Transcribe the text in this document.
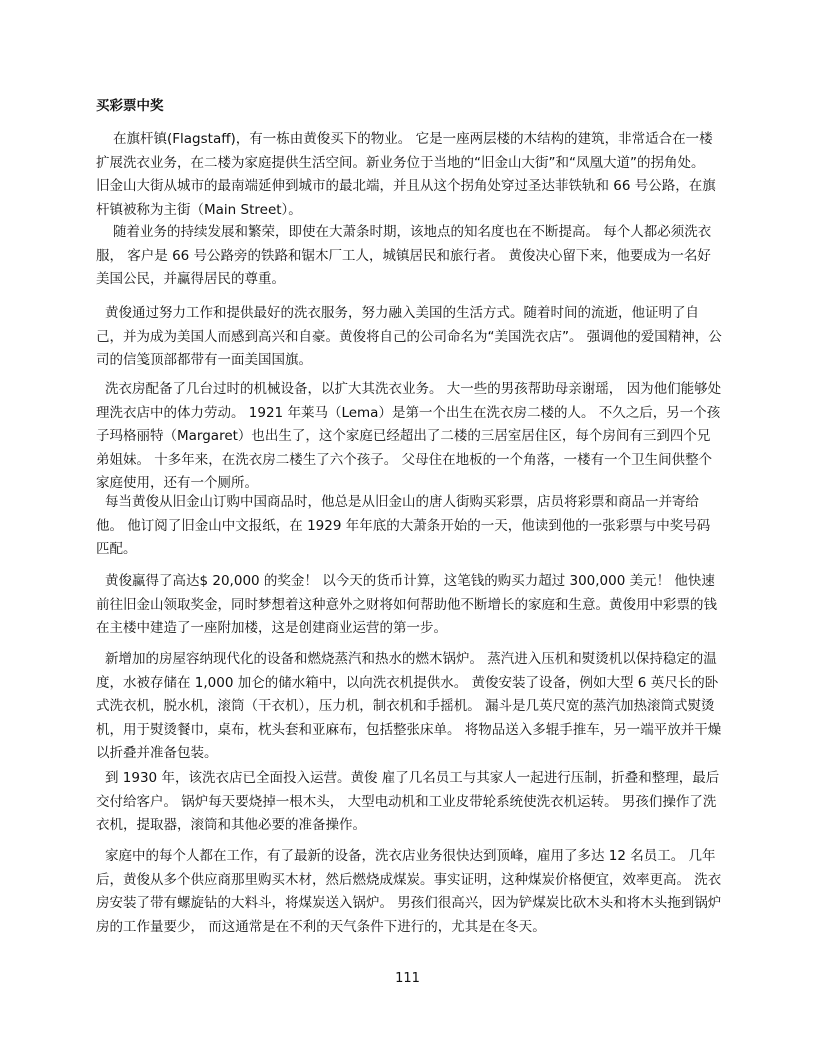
买彩票中奖

在旗杆镇(Flagstaff)，有一栋由黄俊买下的物业。 它是一座两层楼的木结构的建筑，非常适合在一楼扩展洗衣业务，在二楼为家庭提供生活空间。新业务位于当地的“旧金山大街”和“凤凰大道”的拐角处。 旧金山大街从城市的最南端延伸到城市的最北端，并且从这个拐角处穿过圣达菲铁轨和 66 号公路，在旗杆镇被称为主街（Main Street）。

随着业务的持续发展和繁荣，即使在大萧条时期，该地点的知名度也在不断提高。 每个人都必须洗衣服， 客户是 66 号公路旁的铁路和锯木厂工人，城镇居民和旅行者。 黄俊决心留下来，他要成为一名好美国公民，并赢得居民的尊重。

黄俊通过努力工作和提供最好的洗衣服务，努力融入美国的生活方式。随着时间的流逝，他证明了自己，并为成为美国人而感到高兴和自豪。黄俊将自己的公司命名为“美国洗衣店”。 强调他的爱国精神，公司的信笺顶部都带有一面美国国旗。

洗衣房配备了几台过时的机械设备，以扩大其洗衣业务。 大一些的男孩帮助母亲谢瑶， 因为他们能够处理洗衣店中的体力劳动。 1921 年莱马（Lema）是第一个出生在洗衣房二楼的人。 不久之后，另一个孩子玛格丽特（Margaret）也出生了，这个家庭已经超出了二楼的三居室居住区，每个房间有三到四个兄弟姐妹。 十多年来，在洗衣房二楼生了六个孩子。 父母住在地板的一个角落，一楼有一个卫生间供整个家庭使用，还有一个厕所。

每当黄俊从旧金山订购中国商品时，他总是从旧金山的唐人街购买彩票，店员将彩票和商品一并寄给他。 他订阅了旧金山中文报纸，在 1929 年年底的大萧条开始的一天，他读到他的一张彩票与中奖号码匹配。

黄俊赢得了高达$ 20,000 的奖金！ 以今天的货币计算，这笔钱的购买力超过 300,000 美元！ 他快速前往旧金山领取奖金，同时梦想着这种意外之财将如何帮助他不断增长的家庭和生意。黄俊用中彩票的钱在主楼中建造了一座附加楼，这是创建商业运营的第一步。

新增加的房屋容纳现代化的设备和燃烧蒸汽和热水的燃木锅炉。 蒸汽进入压机和熨烫机以保持稳定的温度，水被存储在 1,000 加仑的储水箱中，以向洗衣机提供水。 黄俊安装了设备，例如大型 6 英尺长的卧式洗衣机，脱水机，滚筒（干衣机），压力机，制衣机和手摇机。 漏斗是几英尺宽的蒸汽加热滚筒式熨烫机，用于熨烫餐巾，桌布，枕头套和亚麻布，包括整张床单。 将物品送入多辊手推车，另一端平放并干燥以折叠并准备包装。

到 1930 年，该洗衣店已全面投入运营。黄俊 雇了几名员工与其家人一起进行压制，折叠和整理，最后交付给客户。 锅炉每天要烧掉一根木头， 大型电动机和工业皮带轮系统使洗衣机运转。 男孩们操作了洗衣机，提取器，滚筒和其他必要的准备操作。

家庭中的每个人都在工作，有了最新的设备，洗衣店业务很快达到顶峰，雇用了多达 12 名员工。 几年后，黄俊从多个供应商那里购买木材，然后燃烧成煤炭。事实证明，这种煤炭价格便宜，效率更高。 洗衣房安装了带有螺旋钻的大料斗，将煤炭送入锅炉。 男孩们很高兴，因为铲煤炭比砍木头和将木头拖到锅炉房的工作量要少， 而这通常是在不利的天气条件下进行的，尤其是在冬天。

111
